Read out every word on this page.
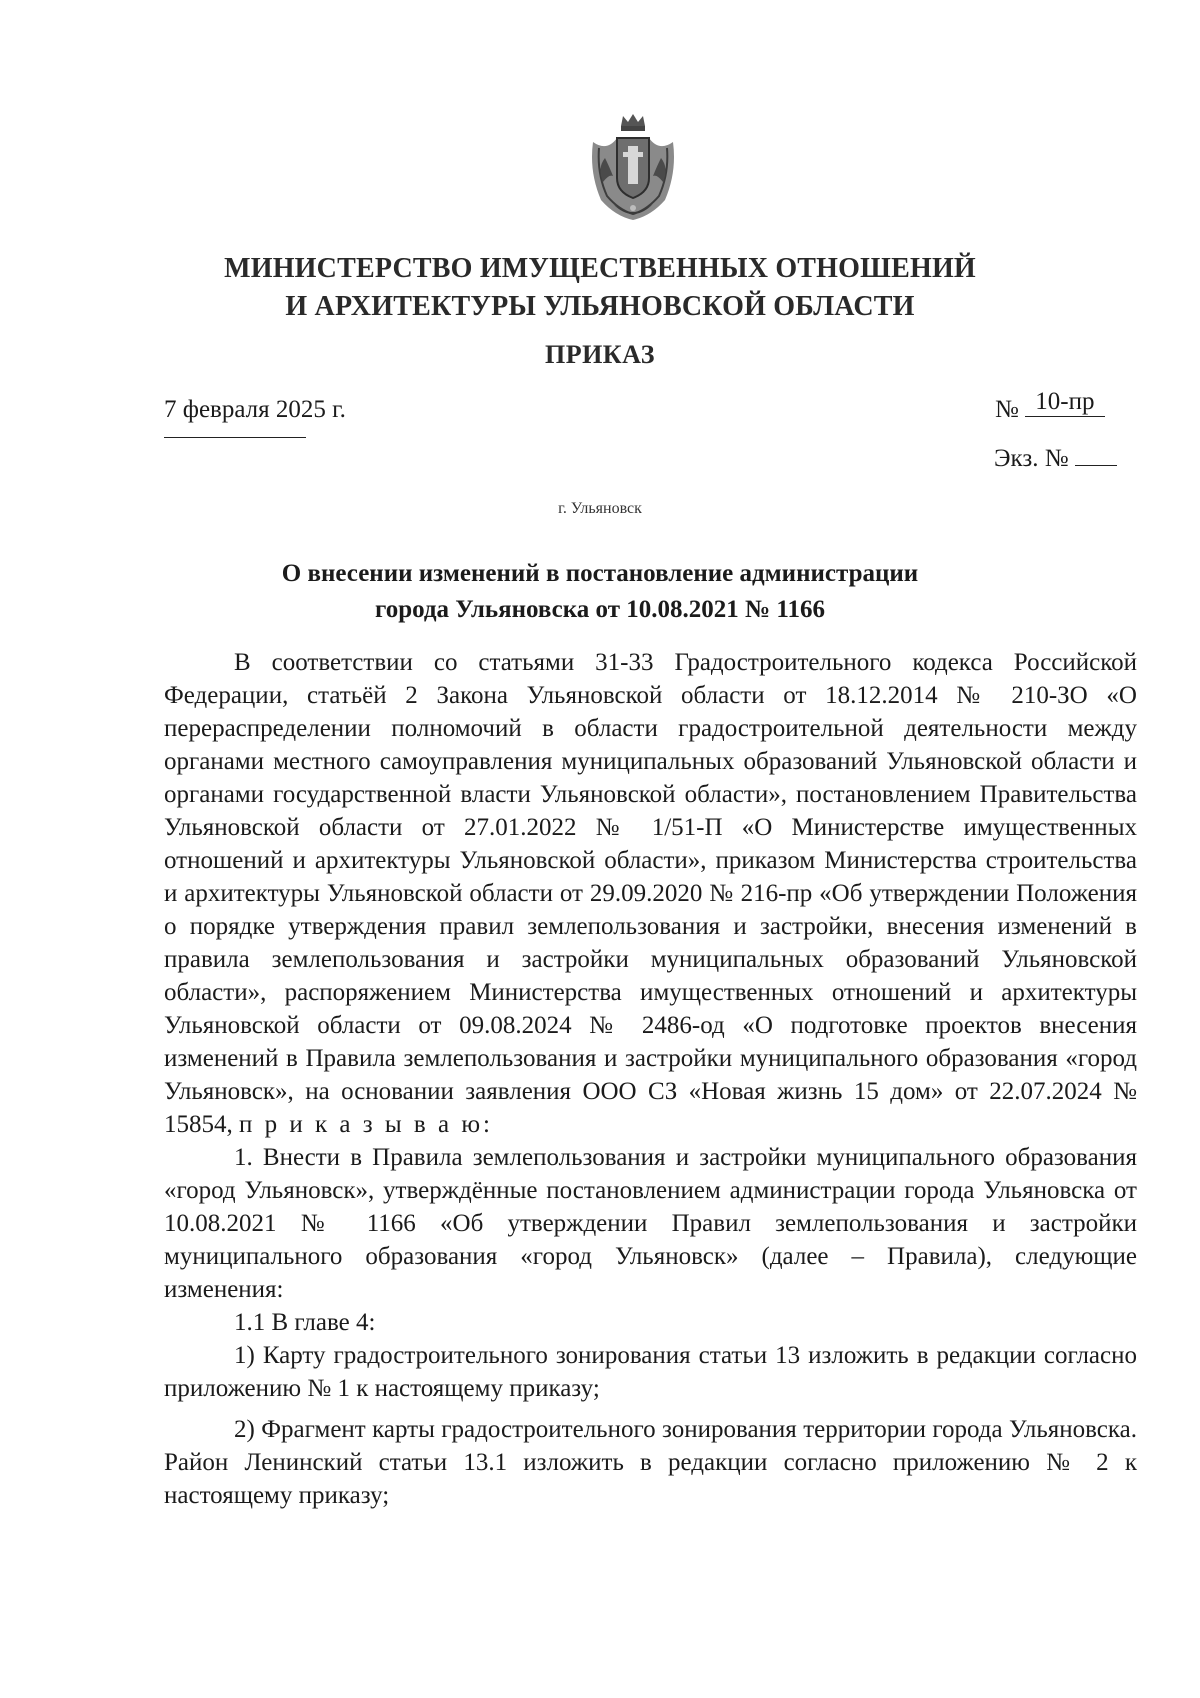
МИНИСТЕРСТВО ИМУЩЕСТВЕННЫХ ОТНОШЕНИЙ
И АРХИТЕКТУРЫ УЛЬЯНОВСКОЙ ОБЛАСТИ
ПРИКАЗ
7 февраля 2025 г.	№ 10-пр
Экз. №
г. Ульяновск
О внесении изменений в постановление администрации
города Ульяновска от 10.08.2021 № 1166

В соответствии со статьями 31-33 Градостроительного кодекса Российской Федерации, статьёй 2 Закона Ульяновской области от 18.12.2014 № 210-ЗО «О перераспределении полномочий в области градостроительной деятельности между органами местного самоуправления муниципальных образований Ульяновской области и органами государственной власти Ульяновской области», постановлением Правительства Ульяновской области от 27.01.2022 № 1/51-П «О Министерстве имущественных отношений и архитектуры Ульяновской области», приказом Министерства строительства и архитектуры Ульяновской области от 29.09.2020 № 216-пр «Об утверждении Положения о порядке утверждения правил землепользования и застройки, внесения изменений в правила землепользования и застройки муниципальных образований Ульяновской области», распоряжением Министерства имущественных отношений и архитектуры Ульяновской области от 09.08.2024 № 2486-од «О подготовке проектов внесения изменений в Правила землепользования и застройки муниципального образования «город Ульяновск», на основании заявления ООО СЗ «Новая жизнь 15 дом» от 22.07.2024 № 15854, п р и к а з ы в а ю:

1. Внести в Правила землепользования и застройки муниципального образования «город Ульяновск», утверждённые постановлением администрации города Ульяновска от 10.08.2021 № 1166 «Об утверждении Правил землепользования и застройки муниципального образования «город Ульяновск» (далее – Правила), следующие изменения:

1.1 В главе 4:

1) Карту градостроительного зонирования статьи 13 изложить в редакции согласно приложению № 1 к настоящему приказу;

2) Фрагмент карты градостроительного зонирования территории города Ульяновска. Район Ленинский статьи 13.1 изложить в редакции согласно приложению № 2 к настоящему приказу;
